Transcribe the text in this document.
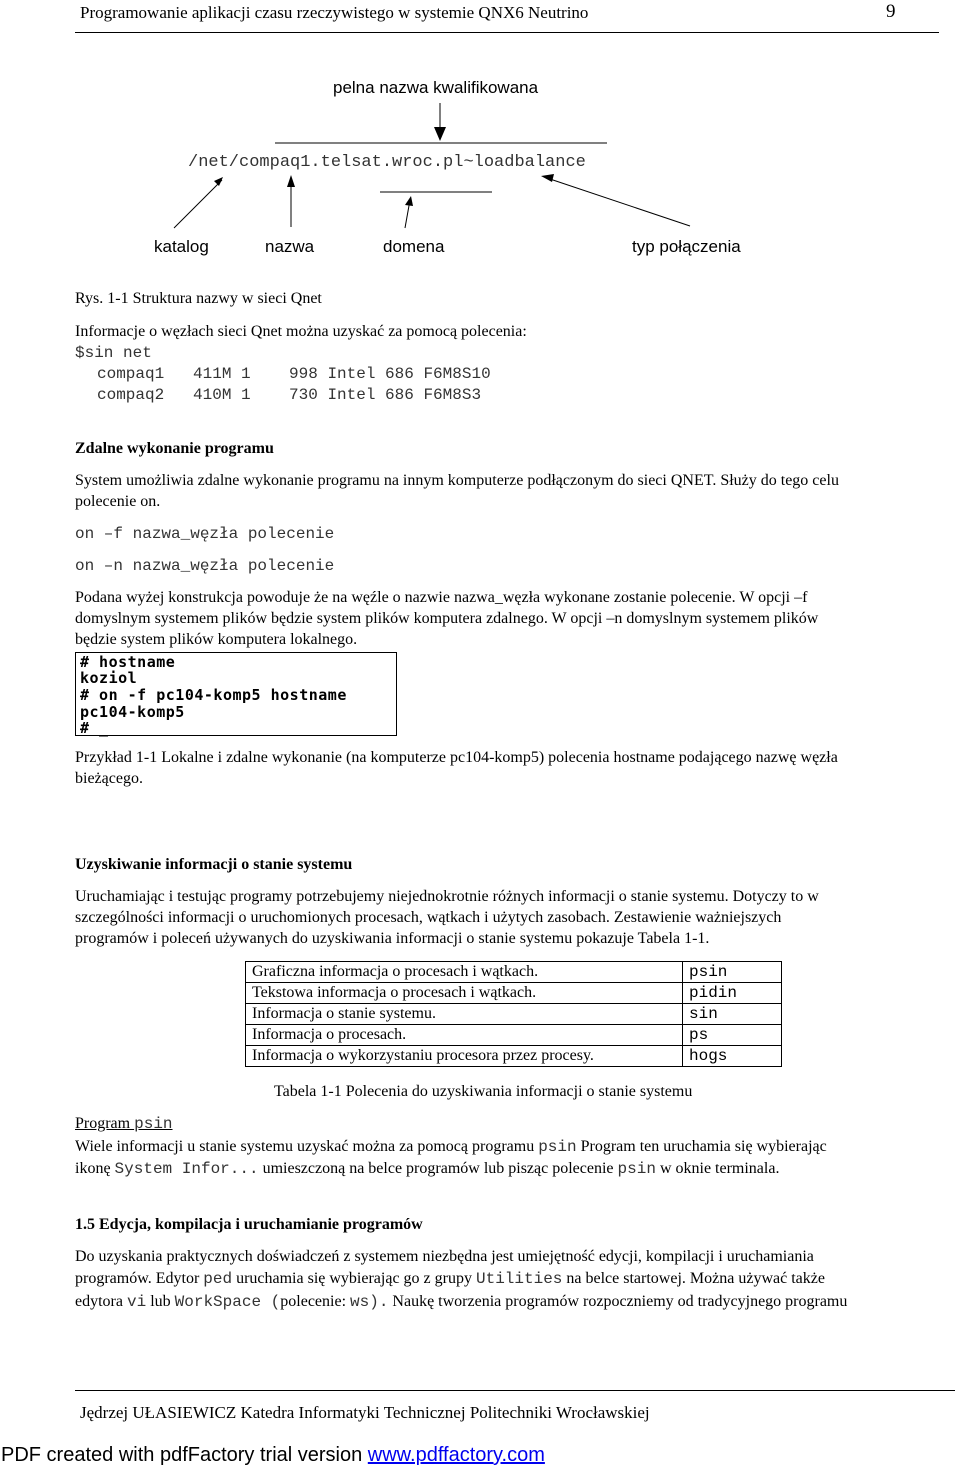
Programowanie aplikacji czasu rzeczywistego w systemie QNX6 Neutrino	9
pelna nazwa kwalifikowana
/net/compaq1.telsat.wroc.pl~loadbalance
katalog	nazwa	domena	typ połączenia
Rys. 1-1 Struktura nazwy w sieci Qnet
Informacje o węzłach sieci Qnet można uzyskać za pomocą polecenia:
$sin net
compaq1   411M 1    998 Intel 686 F6M8S10
compaq2   410M 1    730 Intel 686 F6M8S3
Zdalne wykonanie programu
System umożliwia zdalne wykonanie programu na innym komputerze podłączonym do sieci QNET. Służy do tego celu
polecenie on.
on –f nazwa_węzła polecenie
on –n nazwa_węzła polecenie
Podana wyżej konstrukcja powoduje że na węźle o nazwie nazwa_węzła wykonane zostanie polecenie. W opcji –f
domyslnym systemem plików będzie system plików komputera zdalnego. W opcji –n domyslnym systemem plików
będzie system plików komputera lokalnego.
# hostname
koziol
# on -f pc104-komp5 hostname
pc104-komp5
# _
Przykład 1-1 Lokalne i zdalne wykonanie (na komputerze pc104-komp5) polecenia hostname podającego nazwę węzła
bieżącego.
Uzyskiwanie informacji o stanie systemu
Uruchamiając i testując programy potrzebujemy niejednokrotnie różnych informacji o stanie systemu. Dotyczy to w
szczególności informacji o uruchomionych procesach, wątkach i użytych zasobach. Zestawienie ważniejszych
programów i poleceń używanych do uzyskiwania informacji o stanie systemu pokazuje Tabela 1-1.
Graficzna informacja o procesach i wątkach.	psin
Tekstowa informacja o procesach i wątkach.	pidin
Informacja o stanie systemu.	sin
Informacja o procesach.	ps
Informacja o wykorzystaniu procesora przez procesy.	hogs
Tabela 1-1 Polecenia do uzyskiwania informacji o stanie systemu
Program psin
Wiele informacji u stanie systemu uzyskać można za pomocą programu psin Program ten uruchamia się wybierając
ikonę System Infor... umieszczoną na belce programów lub pisząc polecenie psin w oknie terminala.
1.5 Edycja, kompilacja i uruchamianie programów
Do uzyskania praktycznych doświadczeń z systemem niezbędna jest umiejętność edycji, kompilacji i uruchamiania
programów. Edytor ped uruchamia się wybierając go z grupy Utilities na belce startowej. Można używać także
edytora vi lub WorkSpace (polecenie: ws). Naukę tworzenia programów rozpoczniemy od tradycyjnego programu
Jędrzej UŁASIEWICZ Katedra Informatyki Technicznej Politechniki Wrocławskiej
PDF created with pdfFactory trial version www.pdffactory.com
